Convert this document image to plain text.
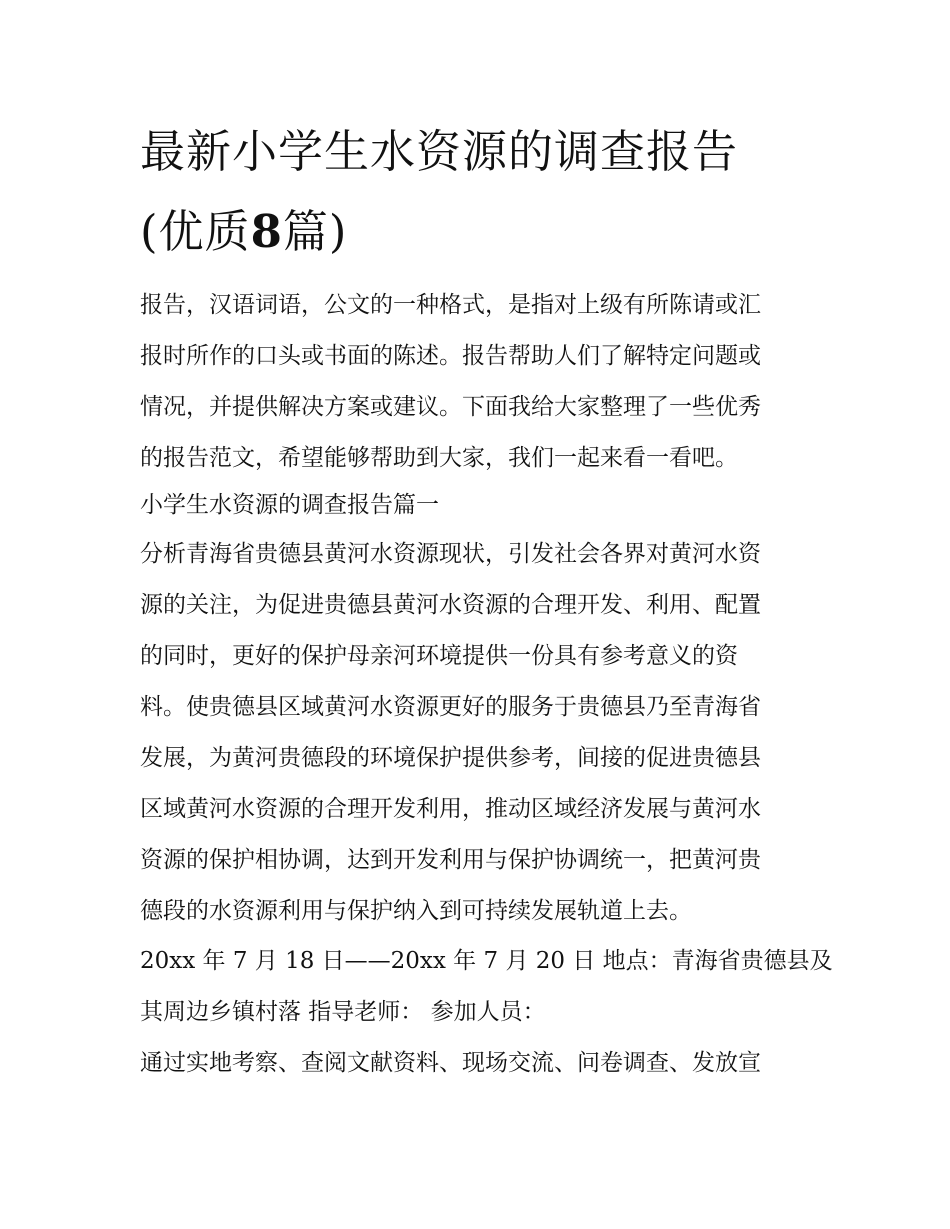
最新小学生水资源的调查报告
(优质8篇)

报告，汉语词语，公文的一种格式，是指对上级有所陈请或汇
报时所作的口头或书面的陈述。报告帮助人们了解特定问题或
情况，并提供解决方案或建议。下面我给大家整理了一些优秀
的报告范文，希望能够帮助到大家，我们一起来看一看吧。

小学生水资源的调查报告篇一

分析青海省贵德县黄河水资源现状，引发社会各界对黄河水资
源的关注，为促进贵德县黄河水资源的合理开发、利用、配置
的同时，更好的保护母亲河环境提供一份具有参考意义的资
料。使贵德县区域黄河水资源更好的服务于贵德县乃至青海省
发展，为黄河贵德段的环境保护提供参考，间接的促进贵德县
区域黄河水资源的合理开发利用，推动区域经济发展与黄河水
资源的保护相协调，达到开发利用与保护协调统一，把黄河贵
德段的水资源利用与保护纳入到可持续发展轨道上去。

20xx 年 7 月 18 日——20xx 年 7 月 20 日 地点：青海省贵德县及
其周边乡镇村落 指导老师： 参加人员：

通过实地考察、查阅文献资料、现场交流、问卷调查、发放宣
